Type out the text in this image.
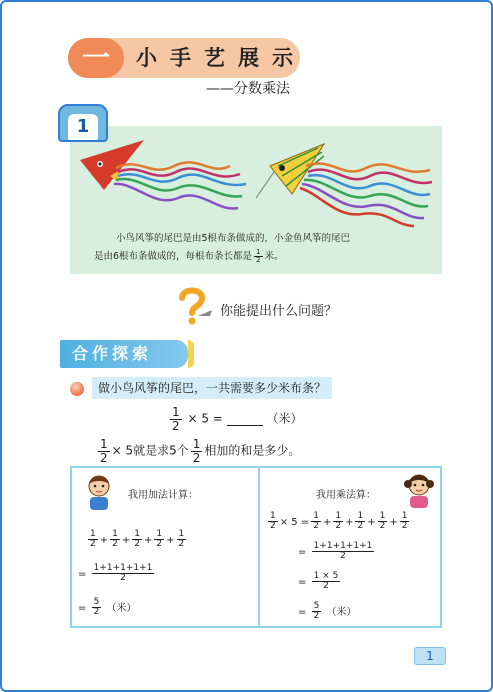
一	小手艺展示
——分数乘法
小鸟风筝的尾巴是由5根布条做成的，小金鱼风筝的尾巴
是由6根布条做成的，每根布条长都是 $\frac{1}{2}$ 米。
1
你能提出什么问题？
合作探索
做小鸟风筝的尾巴，一共需要多少米布条？
$\frac{1}{2} \times 5$ =	（米）
$\frac{1}{2} \times 5$就是求5个 $\frac{1}{2}$ 相加的和是多少。
我用加法计算：
$\frac{1}{2} + \frac{1}{2} + \frac{1}{2} + \frac{1}{2} + \frac{1}{2}$
= $\frac{1+1+1+1+1}{2}$
= $\frac{5}{2}$ （米）
我用乘法算：
$\frac{1}{2} \times 5 = \frac{1}{2} + \frac{1}{2} + \frac{1}{2} + \frac{1}{2} + \frac{1}{2}$
= $\frac{1+1+1+1+1}{2}$
= $\frac{1 \times 5}{2}$
= $\frac{5}{2}$ （米）
1
